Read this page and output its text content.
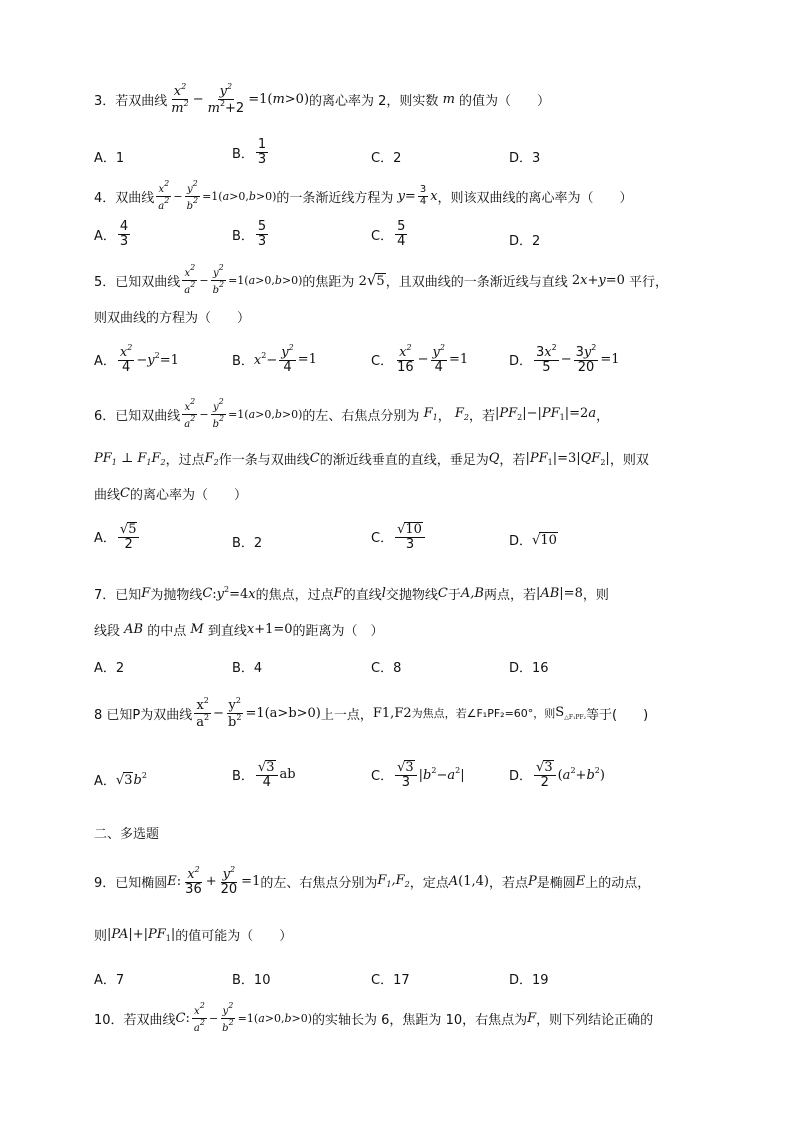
3．若双曲线 $\frac{x^2}{m^2} - \frac{y^2}{m^2+2} =1(m>0)$ 的离心率为 2，则实数 m 的值为（　　）
A．1	B． $\frac{1}{3}$	C．2	D．3
4．双曲线 $\frac{x^2}{a^2} - \frac{y^2}{b^2} =1(a>0,b>0)$ 的一条渐近线方程为 $y = \frac{3}{4}$ x ，则该双曲线的离心率为（　　）
A． $\frac{4}{3}$	B． $\frac{5}{3}$	C． $\frac{5}{4}$	D．2
5．已知双曲线 $\frac{x^2}{a^2} - \frac{y^2}{b^2} =1(a>0,b>0)$ 的焦距为 2√5 ，且双曲线的一条渐近线与直线 2x+y=0 平行，
则双曲线的方程为（　　）
A． $\frac{x^2}{4} -y^2=1$	B． $x^2- \frac{y^2}{4} =1$	C． $\frac{x^2}{16} - \frac{y^2}{4} =1$	D． $\frac{3x^2}{5} - \frac{3y^2}{20} =1$
6．已知双曲线 $\frac{x^2}{a^2} - \frac{y^2}{b^2} =1(a>0,b>0)$ 的左、右焦点分别为 $F_1$ ， $F_2$ ，若 $|PF_2|-|PF_1|=2a$ ，
$PF_1$ ⊥ $F_1F_2$ ，过点 $F_2$ 作一条与双曲线 C 的渐近线垂直的直线，垂足为 Q ，若 $|PF_1|=3|QF_2|$ ，则双
曲线 C 的离心率为（　　）
A． $\frac{√5}{2}$	B．2	C． $\frac{√10}{3}$	D． √10
7．已知 F 为抛物线 C $:y^2=4x$ 的焦点，过点 F 的直线 l 交抛物线 C 于 A,B 两点，若 |AB|=8 ，则
线段 AB 的中点 M 到直线 x+1=0 的距离为（　）
A．2	B．4	C．8	D．16
8 已知P为双曲线 $\frac{x^2}{a^2} - \frac{y^2}{b^2} =1(a>b>0)$ 上一点， F1,F2 为焦点，若∠F₁PF₂=60°，则 $S_{\triangle F_1PF_2}$ 等于(　　)
A． $√3b^2$	B． $\frac{√3}{4}$ ab	C． $\frac{√3}{3} |b^2-a^2|$	D． $\frac{√3}{2} (a^2+b^2)$
二、多选题
9．已知椭圆 E : $\frac{x^2}{36} + \frac{y^2}{20} =1$ 的左、右焦点分别为 $F_1,F_2$ ，定点 A(1,4) ，若点 P 是椭圆 E 上的动点，
则 $|PA|+|PF_1|$ 的值可能为（　　）
A．7	B．10	C．17	D．19
10．若双曲线 C : $\frac{x^2}{a^2} - \frac{y^2}{b^2} =1(a>0,b>0)$ 的实轴长为 6，焦距为 10，右焦点为 F ，则下列结论正确的
